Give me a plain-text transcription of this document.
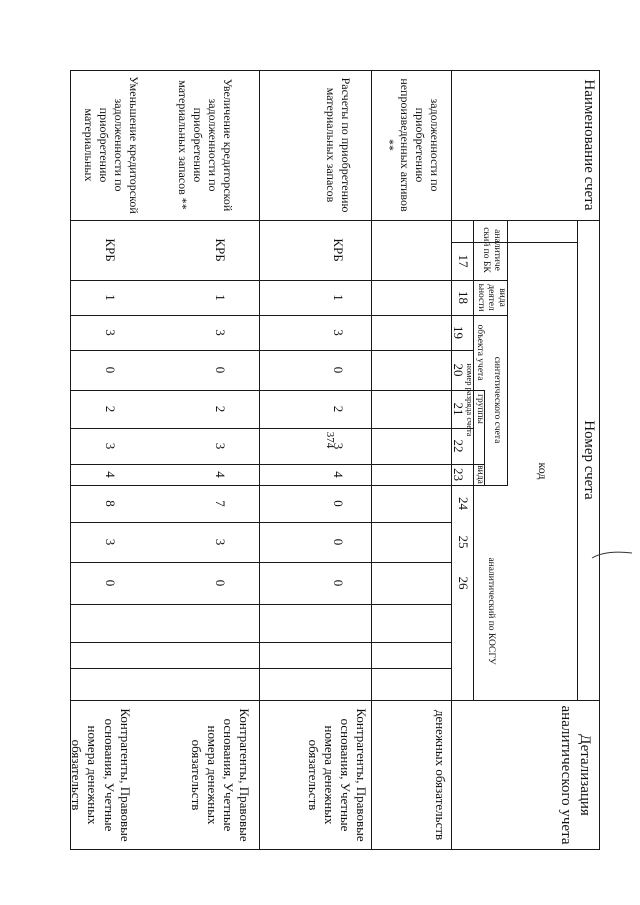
374
Наименование счета
Номер счета
Детализация аналитического учета
код
аналитиче ский по БК
вида деятел ьности
синтетического счета
аналитический по КОСГУ
объекта учета
группы
вида
номер разряда счета
17
18
19
20
21
22
23
24
25
26
задолженности по приобретению непроизведенных активов **
денежных обязательств
Расчеты по приобретению материальных запасов
КРБ
1
3
0
2
3
4
0
0
0
Контрагенты, Правовые основания, Учетные номера денежных обязательств
Увеличение кредиторской задолженности по приобретению материальных запасов **
КРБ
1
3
0
2
3
4
7
3
0
Контрагенты, Правовые основания, Учетные номера денежных обязательств
Уменьшение кредиторской задолженности по приобретению материальных
КРБ
1
3
0
2
3
4
8
3
0
Контрагенты, Правовые основания, Учетные номера денежных обязательств
